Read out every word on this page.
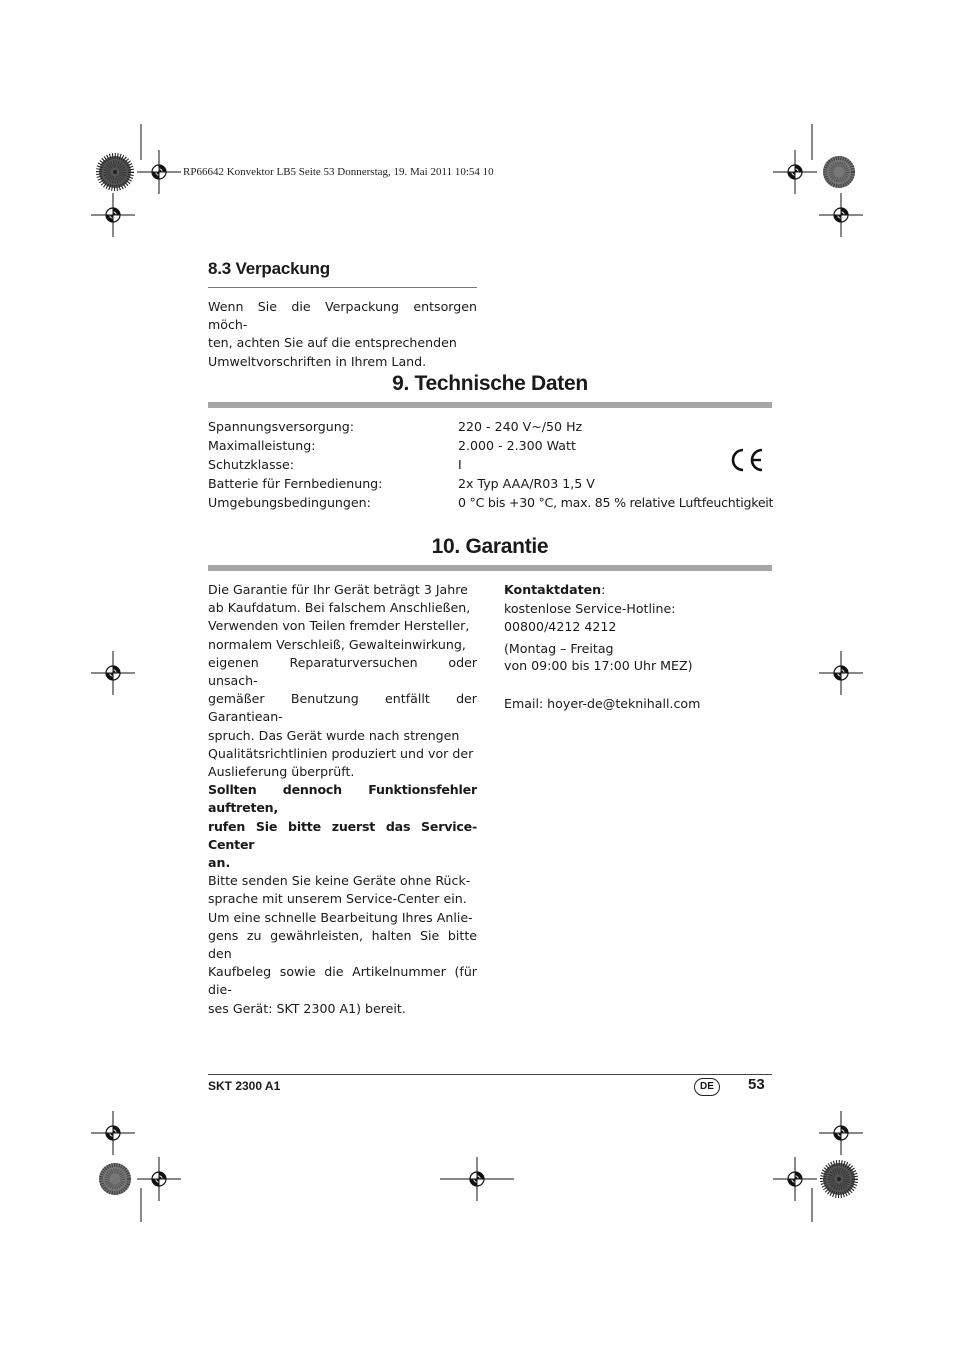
RP66642 Konvektor LB5 Seite 53 Donnerstag, 19. Mai 2011 10:54 10
8.3 Verpackung
Wenn Sie die Verpackung entsorgen möch-
ten, achten Sie auf die entsprechenden
Umweltvorschriften in Ihrem Land.
9. Technische Daten
Spannungsversorgung:	220 - 240 V~/50 Hz
Maximalleistung:	2.000 - 2.300 Watt
Schutzklasse:	I
Batterie für Fernbedienung:	2x Typ AAA/R03 1,5 V
Umgebungsbedingungen:	0 °C bis +30 °C, max. 85 % relative Luftfeuchtigkeit
10. Garantie
Die Garantie für Ihr Gerät beträgt 3 Jahre
ab Kaufdatum. Bei falschem Anschließen,
Verwenden von Teilen fremder Hersteller,
normalem Verschleiß, Gewalteinwirkung,
eigenen Reparaturversuchen oder unsach-
gemäßer Benutzung entfällt der Garantiean-
spruch. Das Gerät wurde nach strengen
Qualitätsrichtlinien produziert und vor der
Auslieferung überprüft.
Sollten dennoch Funktionsfehler auftreten,
rufen Sie bitte zuerst das Service-Center
an.
Bitte senden Sie keine Geräte ohne Rück-
sprache mit unserem Service-Center ein.
Um eine schnelle Bearbeitung Ihres Anlie-
gens zu gewährleisten, halten Sie bitte den
Kaufbeleg sowie die Artikelnummer (für die-
ses Gerät: SKT 2300 A1) bereit.
Kontaktdaten:
kostenlose Service-Hotline:
00800/4212 4212
(Montag – Freitag
von 09:00 bis 17:00 Uhr MEZ)
Email: hoyer-de@teknihall.com
SKT 2300 A1	DE	53
